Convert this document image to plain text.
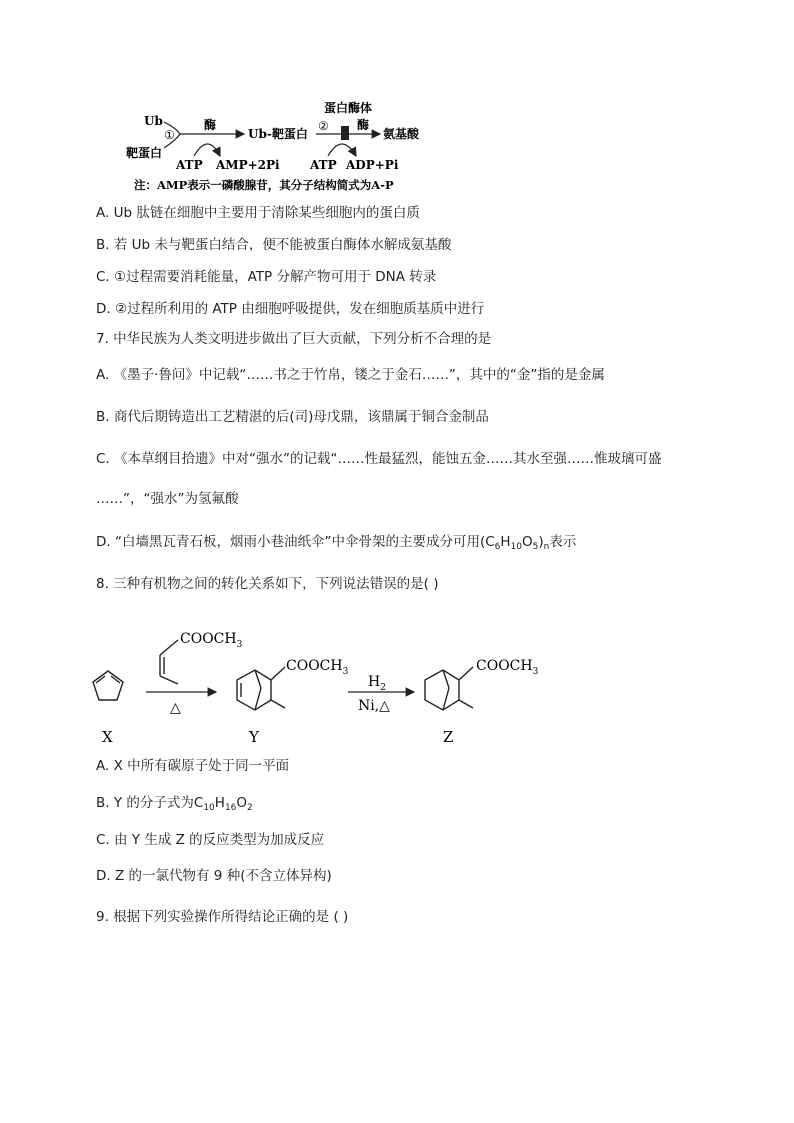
Ub
靶蛋白
①
酶
ATP AMP+2Pi
Ub-靶蛋白
蛋白酶体
② 酶
ATP ADP+Pi
氨基酸
注：AMP表示一磷酸腺苷，其分子结构简式为A-P
A. Ub 肽链在细胞中主要用于清除某些细胞内的蛋白质
B. 若 Ub 未与靶蛋白结合，便不能被蛋白酶体水解成氨基酸
C. ①过程需要消耗能量，ATP 分解产物可用于 DNA 转录
D. ②过程所利用的 ATP 由细胞呼吸提供，发在细胞质基质中进行
7. 中华民族为人类文明进步做出了巨大贡献，下列分析不合理的是
A. 《墨子·鲁问》中记载“……书之于竹帛，镂之于金石……”，其中的“金”指的是金属
B. 商代后期铸造出工艺精湛的后(司)母戊鼎，该鼎属于铜合金制品
C. 《本草纲目拾遗》中对“强水”的记载“……性最猛烈，能蚀五金……其水至强……惟玻璃可盛
……”，“强水”为氢氟酸
D. “白墙黑瓦青石板，烟雨小巷油纸伞”中伞骨架的主要成分可用$(C_6H_{10}O_5)_n$表示
8. 三种有机物之间的转化关系如下，下列说法错误的是( )
$COOCH_3$
△
$COOCH_3$
$H_2$
Ni,△
$COOCH_3$
X	Y	Z
A. X 中所有碳原子处于同一平面
B. Y 的分子式为$C_{10}H_{16}O_2$
C. 由 Y 生成 Z 的反应类型为加成反应
D. Z 的一氯代物有 9 种(不含立体异构)
9. 根据下列实验操作所得结论正确的是 ( )
